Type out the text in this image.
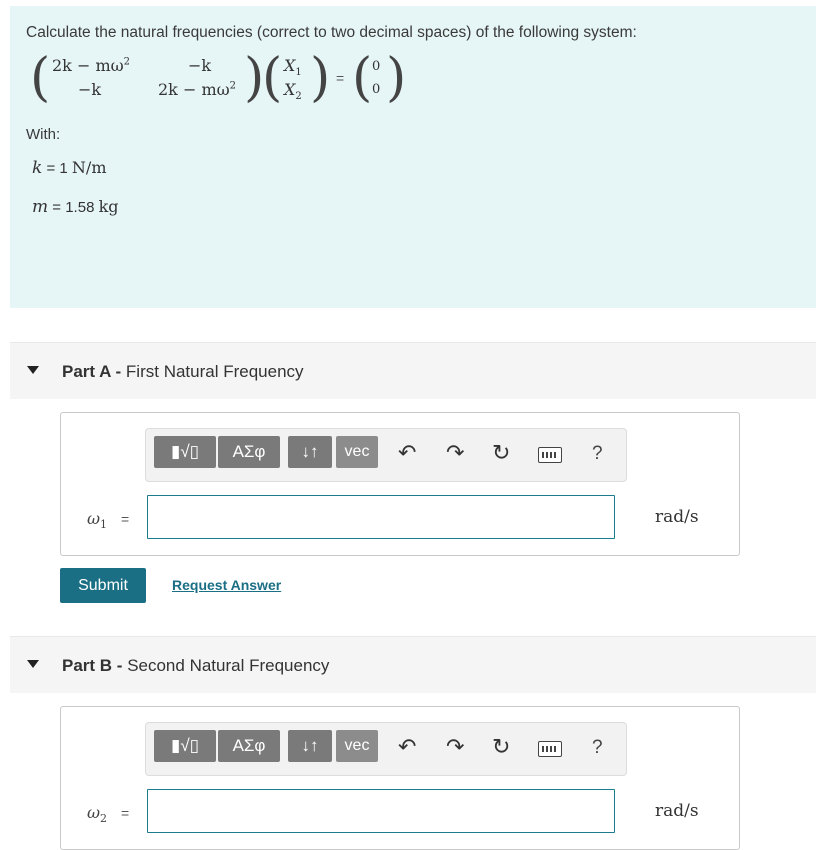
Calculate the natural frequencies (correct to two decimal spaces) of the following system:
( $2k - m\omega^2$	−k
−k	$2k - m\omega^2$ )
( $X_1$
$X_2$ ) = ( 0
0 )
With:
k = 1 N/m
m = 1.58 kg
Part A - First Natural Frequency
▮√▯	ΑΣφ	↓↑	vec	↶ ↷ ↻	?
$\omega_1$ =	rad/s
Submit	Request Answer
Part B - Second Natural Frequency
▮√▯	ΑΣφ	↓↑	vec	↶ ↷ ↻	?
$\omega_2$ =	rad/s
